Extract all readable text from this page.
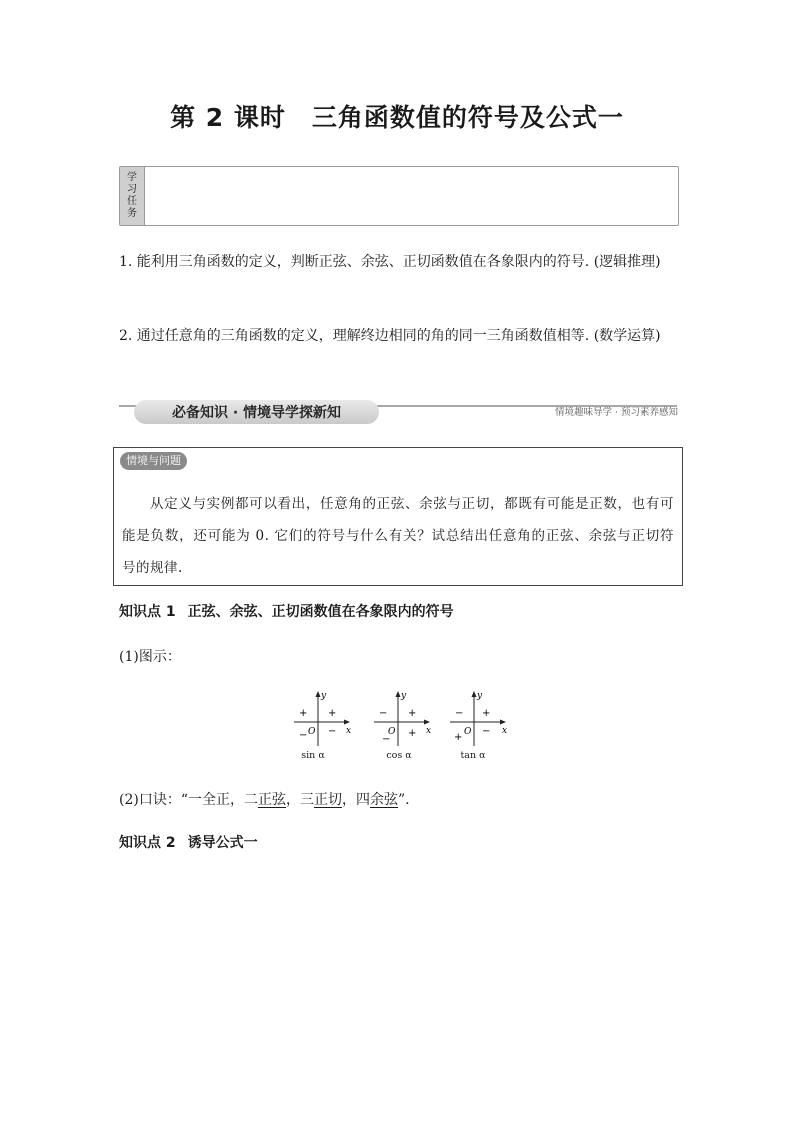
第 2 课时 三角函数值的符号及公式一
学
习
任
务
1. 能利用三角函数的定义，判断正弦、余弦、正切函数值在各象限内的符号. (逻辑推理)
2. 通过任意角的三角函数的定义，理解终边相同的角的同一三角函数值相等. (数学运算)
必备知识 · 情境导学探新知	情境趣味导学 · 预习素养感知
情境与问题
从定义与实例都可以看出，任意角的正弦、余弦与正切，都既有可能是正数，也有可能是负数，还可能为 0. 它们的符号与什么有关？试总结出任意角的正弦、余弦与正切符号的规律.
知识点 1 正弦、余弦、正切函数值在各象限内的符号
(1)图示：
y
x
O
+
+
− −
sin α
y
x
O
+
−
−
+
cos α
y
x
O
+
−
+
−
tan α
(2)口诀：“一全正，二正弦，三正切，四余弦”.
知识点 2 诱导公式一
